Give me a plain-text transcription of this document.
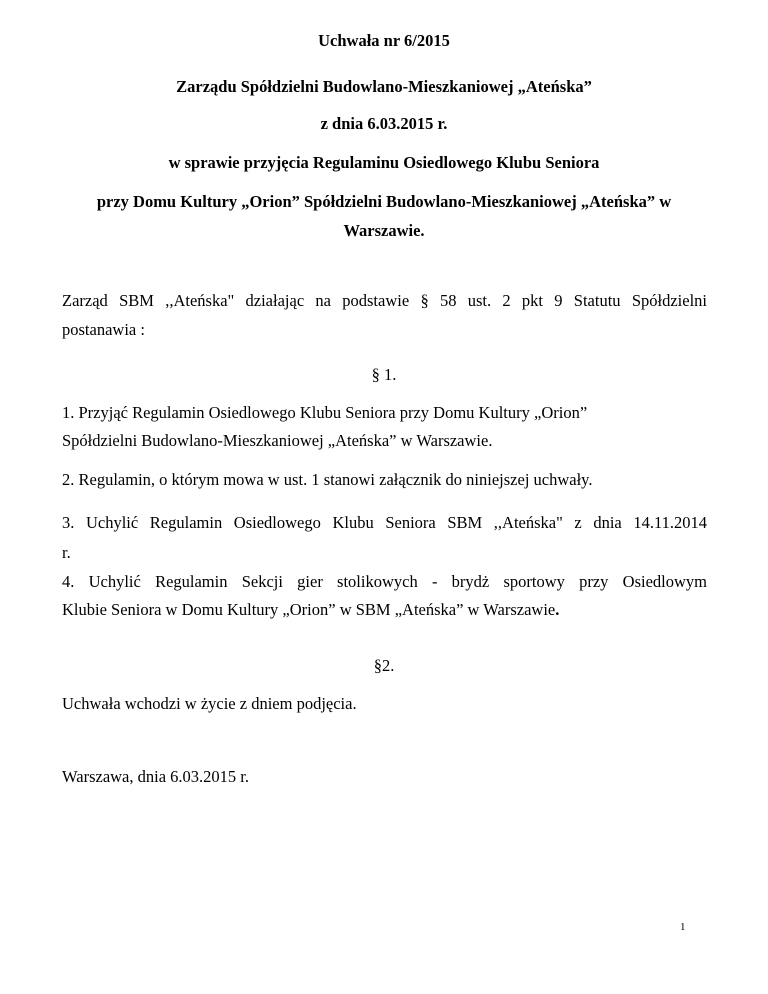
Uchwała nr 6/2015
Zarządu Spółdzielni Budowlano-Mieszkaniowej „Ateńska”
z dnia 6.03.2015 r.
w sprawie przyjęcia Regulaminu Osiedlowego Klubu Seniora
przy Domu Kultury „Orion” Spółdzielni Budowlano-Mieszkaniowej „Ateńska” w
Warszawie.
Zarząd SBM ,,Ateńska" działając na podstawie § 58 ust. 2 pkt 9 Statutu Spółdzielni
postanawia :
§ 1.
1. Przyjąć Regulamin Osiedlowego Klubu Seniora przy Domu Kultury „Orion”
Spółdzielni Budowlano-Mieszkaniowej „Ateńska” w Warszawie.
2. Regulamin, o którym mowa w ust. 1 stanowi załącznik do niniejszej uchwały.
3. Uchylić Regulamin Osiedlowego Klubu Seniora SBM ,,Ateńska" z dnia 14.11.2014
r.
4. Uchylić Regulamin Sekcji gier stolikowych - brydż sportowy przy Osiedlowym
Klubie Seniora w Domu Kultury „Orion” w SBM „Ateńska” w Warszawie.
§2.
Uchwała wchodzi w życie z dniem podjęcia.
Warszawa, dnia 6.03.2015 r.
1
